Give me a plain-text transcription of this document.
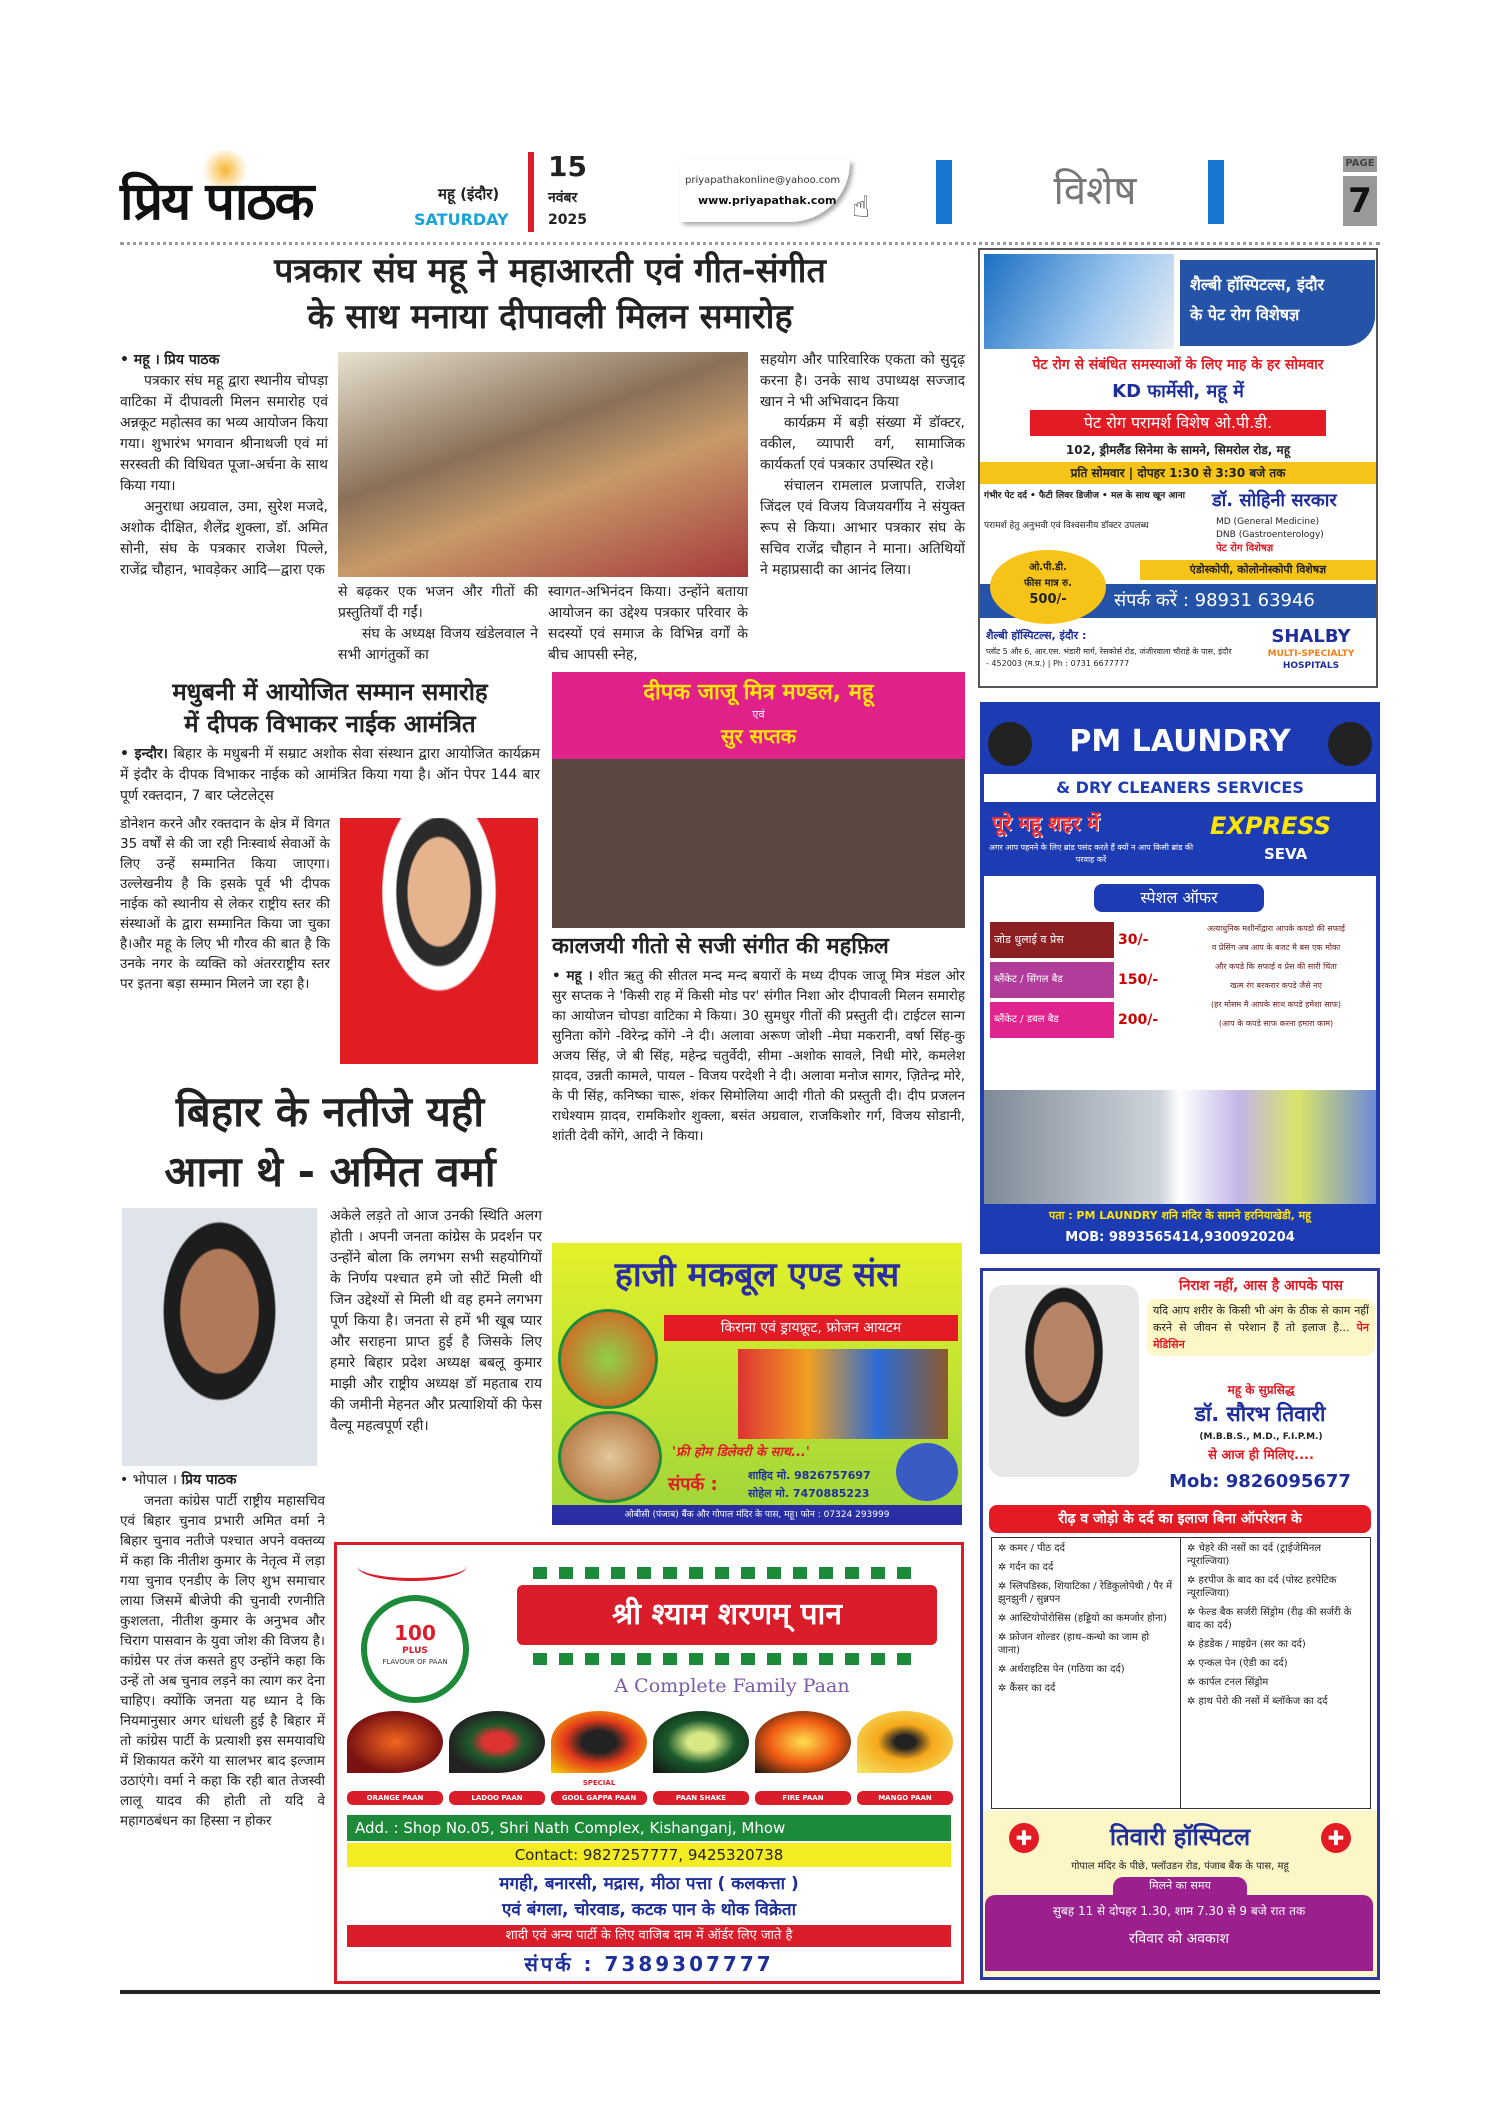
प्रिय पाठक	महू (इंदौर)
SATURDAY
15
नवंबर
2025
priyapathakonline@yahoo.com
www.priyapathak.com ☝	विशेष
PAGE
7
पत्रकार संघ महू ने महाआरती एवं गीत-संगीत
के साथ मनाया दीपावली मिलन समारोह

• महू । प्रिय पाठक

पत्रकार संघ महू द्वारा स्थानीय चोपड़ा वाटिका में दीपावली मिलन समारोह एवं अन्नकूट महोत्सव का भव्य आयोजन किया गया। शुभारंभ भगवान श्रीनाथजी एवं मां सरस्वती की विधिवत पूजा-अर्चना के साथ किया गया।

अनुराधा अग्रवाल, उमा, सुरेश मजदे, अशोक दीक्षित, शैलेंद्र शुक्ला, डॉ. अमित सोनी, संघ के पत्रकार राजेश पिल्ले, राजेंद्र चौहान, भावड़ेकर आदि—द्वारा एक

से बढ़कर एक भजन और गीतों की प्रस्तुतियाँ दी गईं।

संघ के अध्यक्ष विजय खंडेलवाल ने सभी आगंतुकों का

स्वागत-अभिनंदन किया। उन्होंने बताया आयोजन का उद्देश्य पत्रकार परिवार के सदस्यों एवं समाज के विभिन्न वर्गों के बीच आपसी स्नेह,

सहयोग और पारिवारिक एकता को सुदृढ़ करना है। उनके साथ उपाध्यक्ष सज्जाद खान ने भी अभिवादन किया

कार्यक्रम में बड़ी संख्या में डॉक्टर, वकील, व्यापारी वर्ग, सामाजिक कार्यकर्ता एवं पत्रकार उपस्थित रहे।

संचालन रामलाल प्रजापति, राजेश जिंदल एवं विजय विजयवर्गीय ने संयुक्त रूप से किया। आभार पत्रकार संघ के सचिव राजेंद्र चौहान ने माना। अतिथियों ने महाप्रसादी का आनंद लिया।

मधुबनी में आयोजित सम्मान समारोह
में दीपक विभाकर नाईक आमंत्रित

• इन्दौर। बिहार के मधुबनी में सम्राट अशोक सेवा संस्थान द्वारा आयोजित कार्यक्रम में इंदौर के दीपक विभाकर नाईक को आमंत्रित किया गया है। ऑन पेपर 144 बार पूर्ण रक्तदान, 7 बार प्लेटलेट्स

डोनेशन करने और रक्तदान के क्षेत्र में विगत 35 वर्षों से की जा रही निःस्वार्थ सेवाओं के लिए उन्हें सम्मानित किया जाएगा। उल्लेखनीय है कि इसके पूर्व भी दीपक नाईक को स्थानीय से लेकर राष्ट्रीय स्तर की संस्थाओं के द्वारा सम्मानित किया जा चुका है।और महू के लिए भी गौरव की बात है कि उनके नगर के व्यक्ति को अंतरराष्ट्रीय स्तर पर इतना बड़ा सम्मान मिलने जा रहा है।

दीपक जाजू मित्र मण्डल, महू
एवं
सुर सप्तक
कालजयी गीतो से सजी संगीत की महफ़िल

• महू । शीत ऋतु की सीतल मन्द मन्द बयारों के मध्य दीपक जाजू मित्र मंडल ओर सुर सप्तक ने 'किसी राह में किसी मोड पर' संगीत निशा ओर दीपावली मिलन समारोह का आयोजन चोपडा वाटिका मे किया। 30 सुमधुर गीतों की प्रस्तुती दी। टाईटल सान्ग सुनिता कोंगे -विरेन्द्र कोंगे -ने दी। अलावा अरूण जोशी -मेघा मकरानी, वर्षा सिंह-कु अजय सिंह, जे बी सिंह, महेन्द्र चतुर्वेदी, सीमा -अशोक सावले, निधी मोरे, कमलेश य़ादव, उन्नती कामले, पायल - विजय परदेशी ने दी। अलावा मनोज सागर, ज़ितेन्द्र मोरे, के पी सिंह, कनिष्का चारू, शंकर सिमोलिया आदी गीतो की प्रस्तुती दी। दीप प्रजलन राधेश्याम य़ादव, रामकिशोर शुक्ला, बसंत अग्रवाल, राजकिशोर गर्ग, विजय सोडानी, शांती देवी कोंगे, आदी ने किया।

बिहार के नतीजे यही
आना थे - अमित वर्मा

अकेले लड़ते तो आज उनकी स्थिति अलग होती । अपनी जनता कांग्रेस के प्रदर्शन पर उन्होंने बोला कि लगभग सभी सहयोगियों के निर्णय पश्चात हमे जो सीटें मिली थी जिन उद्देश्यों से मिली थी वह हमने लगभग पूर्ण किया है। जनता से हमें भी खूब प्यार और सराहना प्राप्त हुई है जिसके लिए हमारे बिहार प्रदेश अध्यक्ष बबलू कुमार माझी और राष्ट्रीय अध्यक्ष डॉ महताब राय की जमीनी मेहनत और प्रत्याशियों की फेस वैल्यू महत्वपूर्ण रही।

• भोपाल । प्रिय पाठक

जनता कांग्रेस पार्टी राष्ट्रीय महासचिव एवं बिहार चुनाव प्रभारी अमित वर्मा ने बिहार चुनाव नतीजे पश्चात अपने वक्तव्य में कहा कि नीतीश कुमार के नेतृत्व में लड़ा गया चुनाव एनडीए के लिए शुभ समाचार लाया जिसमें बीजेपी की चुनावी रणनीति कुशलता, नीतीश कुमार के अनुभव और चिराग पासवान के युवा जोश की विजय है। कांग्रेस पर तंज कसते हुए उन्होंने कहा कि उन्हें तो अब चुनाव लड़ने का त्याग कर देना चाहिए। क्योंकि जनता यह ध्यान दे कि नियमानुसार अगर धांधली हुई है बिहार में तो कांग्रेस पार्टी के प्रत्याशी इस समयावधि में शिकायत करेंगे या सालभर बाद इल्जाम उठाएंगे। वर्मा ने कहा कि रही बात तेजस्वी लालू यादव की होती तो यदि वे महागठबंधन का हिस्सा न होकर

शैल्बी हॉस्पिटल्स, इंदौर
के पेट रोग विशेषज्ञ
पेट रोग से संबंधित समस्याओं के लिए माह के हर सोमवार
KD फार्मेसी, महू में
पेट रोग परामर्श विशेष ओ.पी.डी.
102, ड्रीमलैंड सिनेमा के सामने, सिमरोल रोड, महू
प्रति सोमवार | दोपहर 1:30 से 3:30 बजे तक
गंभीर पेट दर्द • फैटी लिवर डिजीज • मल के साथ खून आना
परामर्श हेतु अनुभवी एवं विश्वसनीय डॉक्टर उपलब्ध
डॉ. सोहिनी सरकार
MD (General Medicine)
DNB (Gastroenterology)
पेट रोग विशेषज्ञ
एंडोस्कोपी, कोलोनोस्कोपी विशेषज्ञ
ओ.पी.डी.
फीस मात्र रु.
500/-	संपर्क करें : 98931 63946
शैल्बी हॉस्पिटल्स, इंदौर :
प्लॉट 5 और 6, आर.एस. भंडारी मार्ग, रेसकोर्स रोड, जंजीरवाला चौराहे के पास, इंदौर - 452003 (म.प्र.) | Ph : 0731 6677777
SHALBY
MULTI-SPECIALTY
HOSPITALS
PM LAUNDRY
& DRY CLEANERS SERVICES
पूरे महू शहर में
अगर आप पहनने के लिए ब्रांड पसंद करते हैं क्यों न आप किसी ब्रांड की परवाह करें
EXPRESS
SEVA
स्पेशल ऑफर
जोड धुलाई व प्रेस	30/-
ब्लैंकेट / सिंगल बैड	150/-
ब्लैंकेट / डबल बैड	200/-
अत्याधुनिक मशीनोंद्वारा आपके कपडो की सफाई
व प्रेसिंग अब आप के बजट मै बस एक मोका
और कपडे कि सफाई व प्रेस की सारी चिंता
खत्म रंग बरकरार कपडे जैसे नए
(हर मोसम मै आपके साथ कपडे हमेशा साफ)
(आप के कपडे साफ करना हमारा काम)
पता : PM LAUNDRY शनि मंदिर के सामने हरनियाखेडी, महू
MOB: 9893565414,9300920204
हाजी मकबूल एण्ड संस
किराना एवं ड्रायफ्रूट, फ्रोजन आयटम
'फ्री होम डिलेवरी के साथ...'
संपर्क :	शाहिद मो. 9826757697
सोहेल मो. 7470885223
ओबीसी (पंजाब) बैंक और गोपाल मंदिर के पास, महू। फोन : 07324 293999
100
PLUS
FLAVOUR OF PAAN
श्री श्याम शरणम् पान
A Complete Family Paan
ORANGE PAAN	LADOO PAAN
SPECIAL
GOOL GAPPA PAAN	PAAN SHAKE	FIRE PAAN	MANGO PAAN
Add. : Shop No.05, Shri Nath Complex, Kishanganj, Mhow
Contact: 9827257777, 9425320738
मगही, बनारसी, मद्रास, मीठा पत्ता ( कलकत्ता )
एवं बंगला, चोरवाड, कटक पान के थोक विक्रेता
शादी एवं अन्य पार्टी के लिए वाजिब दाम में ऑर्डर लिए जाते है
संपर्क : 7389307777
निराश नहीं, आस है आपके पास
यदि आप शरीर के किसी भी अंग के ठीक से काम नहीं करने से जीवन से परेशान हैं तो इलाज है... पेन मेडिसिन
महू के सुप्रसिद्ध
डॉ. सौरभ तिवारी
(M.B.B.S., M.D., F.I.P.M.)
से आज ही मिलिए....
Mob: 9826095677
रीढ़ व जोड़ो के दर्द का इलाज बिना ऑपरेशन के
✲ कमर / पीठ दर्द
✲ गर्दन का दर्द
✲ स्लिपडिस्क, शियाटिका / रेडिकुलोपेथी / पैर में झुनझुनी / सुन्नपन
✲ आस्टियोपोरोसिस (हड्डियो का कमजोर होना)
✲ फ्रोजन शोल्डर (हाथ–कन्धो का जाम हो जाना)
✲ अर्थराइटिस पेन (गठिया का दर्द)
✲ कैंसर का दर्द
✲ चेहरे की नसों का दर्द (ट्राईजेमिनल न्यूराल्जिया)
✲ हरपीज के बाद का दर्द (पोस्ट हरपेटिक न्यूराल्जिया)
✲ फेल्ड बैक सर्जरी सिंड्रोम (रीढ़ की सर्जरी के बाद का दर्द)
✲ हेडडेक / माइग्रेन (सर का दर्द)
✲ एन्कल पेन (ऐडी का दर्द)
✲ कार्पल टनल सिंड्रोम
✲ हाथ पेरो की नसों में ब्लॉकेज का दर्द
✚	तिवारी हॉस्पिटल	✚
गोपाल मंदिर के पीछे, फ्लॉउडन रोड, पंजाब बैंक के पास, महू
मिलने का समय
सुबह 11 से दोपहर 1.30, शाम 7.30 से 9 बजे रात तक
रविवार को अवकाश
